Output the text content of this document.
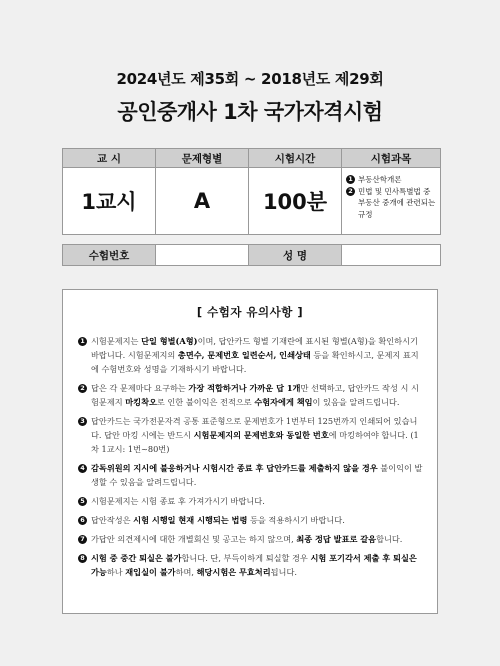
2024년도 제35회 ~ 2018년도 제29회
공인중개사 1차 국가자격시험
교 시	문제형별	시험시간	시험과목
1교시	A	100분	1 부동산학개론
2 민법 및 민사특별법 중 부동산 중개에 관련되는 규정

수험번호		성 명	
[ 수험자 유의사항 ]
1 시험문제지는 단일 형별(A형)이며, 답안카드 형별 기재란에 표시된 형별(A형)을 확인하시기 바랍니다. 시험문제지의 총면수, 문제번호 일련순서, 인쇄상태 등을 확인하시고, 문제지 표지에 수험번호와 성명을 기재하시기 바랍니다.
2 답은 각 문제마다 요구하는 가장 적합하거나 가까운 답 1개만 선택하고, 답안카드 작성 시 시험문제지 마킹착오로 인한 불이익은 전적으로 수험자에게 책임이 있음을 알려드립니다.
3 답안카드는 국가전문자격 공통 표준형으로 문제번호가 1번부터 125번까지 인쇄되어 있습니다. 답안 마킹 시에는 반드시 시험문제지의 문제번호와 동일한 번호에 마킹하여야 합니다. (1차 1교시: 1번~80번)
4 감독위원의 지시에 불응하거나 시험시간 종료 후 답안카드를 제출하지 않을 경우 불이익이 발생할 수 있음을 알려드립니다.
5 시험문제지는 시험 종료 후 가져가시기 바랍니다.
6 답안작성은 시험 시행일 현재 시행되는 법령 등을 적용하시기 바랍니다.
7 가답안 의견제시에 대한 개별회신 및 공고는 하지 않으며, 최종 정답 발표로 갈음합니다.
8 시험 중 중간 퇴실은 불가합니다. 단, 부득이하게 퇴실할 경우 시험 포기각서 제출 후 퇴실은 가능하나 재입실이 불가하며, 해당시험은 무효처리됩니다.
